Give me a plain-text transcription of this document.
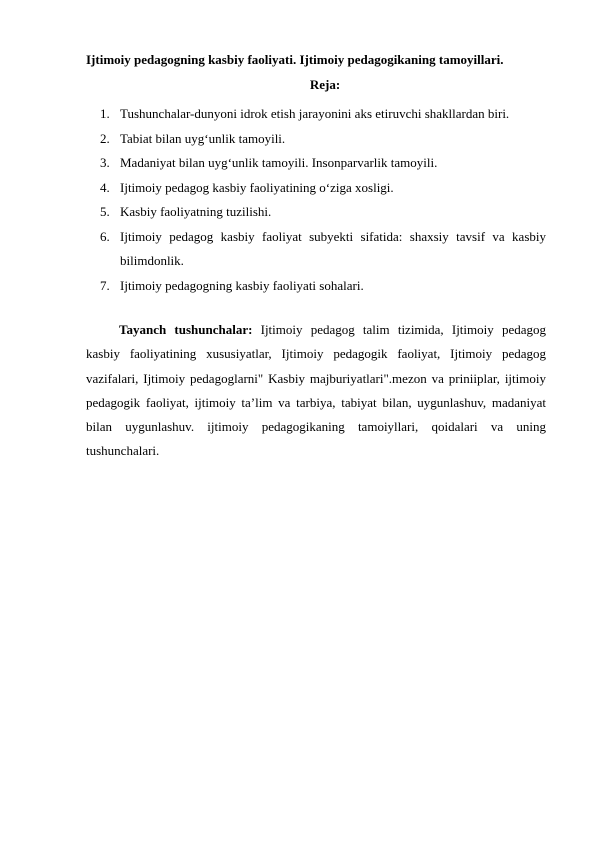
Ijtimoiy pedagogning kasbiy faoliyati. Ijtimoiy pedagogikaning tamoyillari.
Reja:
1. Tushunchalar-dunyoni idrok etish jarayonini aks etiruvchi shakllardan biri.
2. Tabiat bilan uyg‘unlik tamoyili.
3. Madaniyat bilan uyg‘unlik tamoyili. Insonparvarlik tamoyili.
4. Ijtimoiy pedagog kasbiy faoliyatining o‘ziga xosligi.
5. Kasbiy faoliyatning tuzilishi.
6. Ijtimoiy pedagog kasbiy faoliyat subyekti sifatida: shaxsiy tavsif va kasbiy bilimdonlik.
7. Ijtimoiy pedagogning kasbiy faoliyati sohalari.

Tayanch tushunchalar: Ijtimoiy pedagog talim tizimida, Ijtimoiy pedagog kasbiy faoliyatining xususiyatlar, Ijtimoiy pedagogik faoliyat, Ijtimoiy pedagog vazifalari, Ijtimoiy pedagoglarni" Kasbiy majburiyatlari".mezon va priniiplar, ijtimoiy pedagogik faoliyat, ijtimoiy ta’lim va tarbiya, tabiyat bilan, uygunlashuv, madaniyat bilan uygunlashuv. ijtimoiy pedagogikaning tamoiyllari, qoidalari va uning tushunchalari.
